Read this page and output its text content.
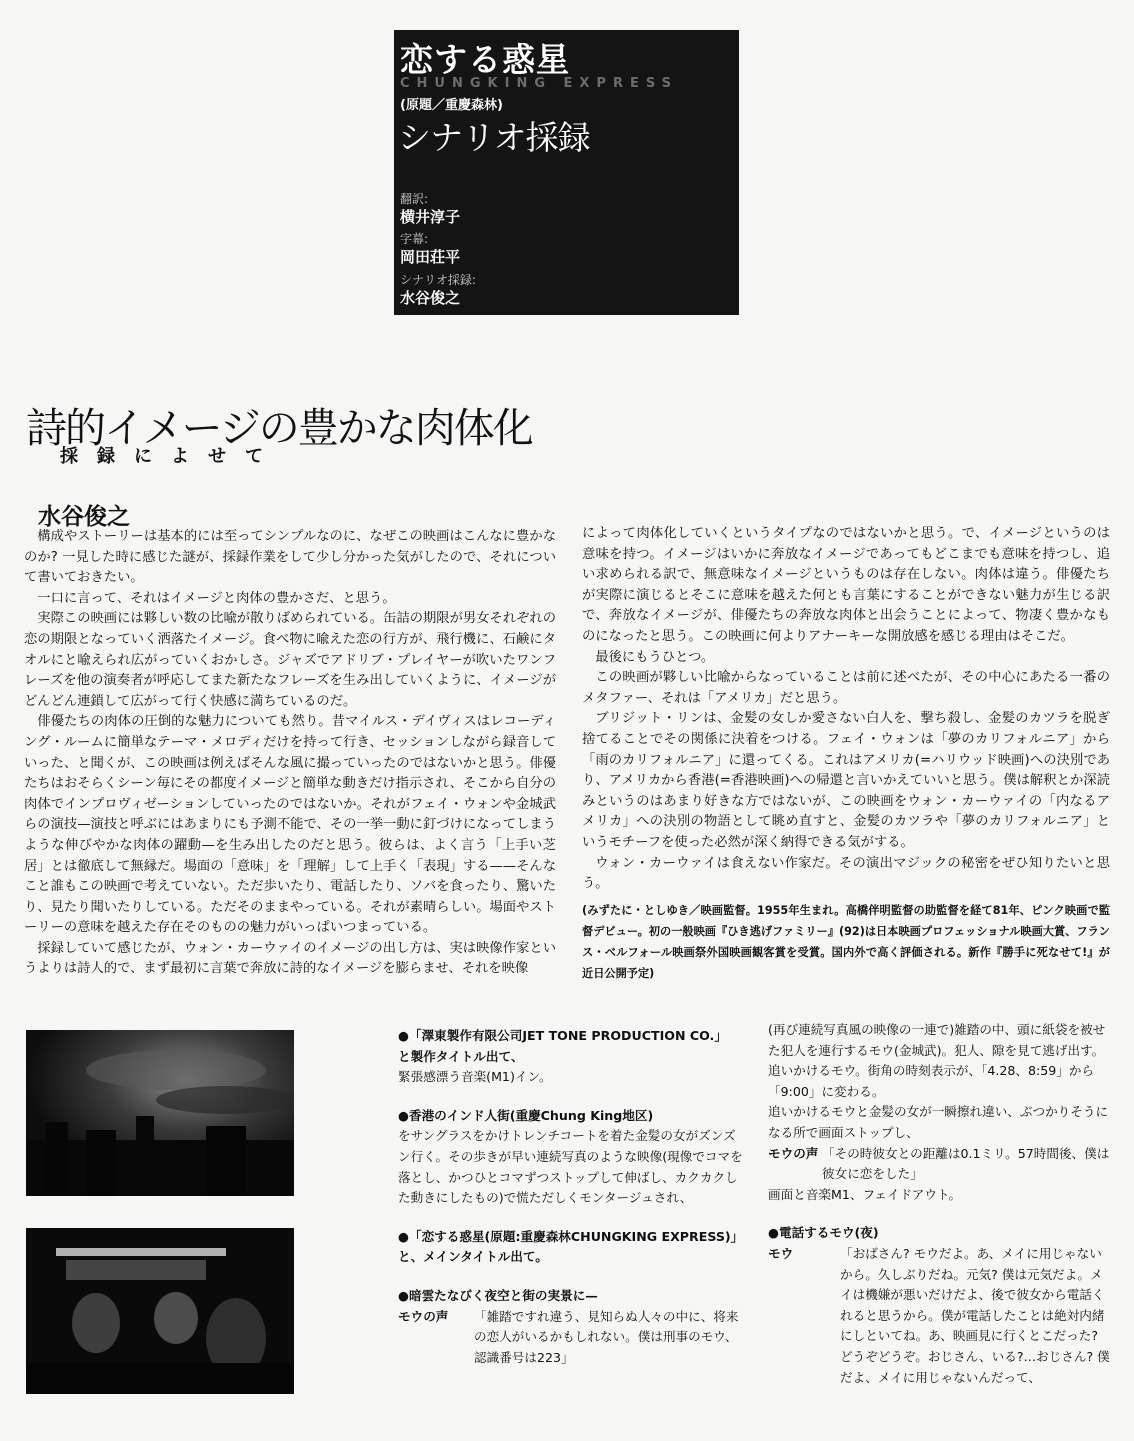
恋する惑星
CHUNGKING EXPRESS
(原題／重慶森林)
シナリオ採録
翻訳:
横井淳子
字幕:
岡田荘平
シナリオ採録:
水谷俊之
詩的イメージの豊かな肉体化
採録によせて
水谷俊之

構成やストーリーは基本的には至ってシンプルなのに、なぜこの映画はこんなに豊かなのか? 一見した時に感じた謎が、採録作業をして少し分かった気がしたので、それについて書いておきたい。

一口に言って、それはイメージと肉体の豊かさだ、と思う。

実際この映画には夥しい数の比喩が散りばめられている。缶詰の期限が男女それぞれの恋の期限となっていく洒落たイメージ。食べ物に喩えた恋の行方が、飛行機に、石鹸にタオルにと喩えられ広がっていくおかしさ。ジャズでアドリブ・プレイヤーが吹いたワンフレーズを他の演奏者が呼応してまた新たなフレーズを生み出していくように、イメージがどんどん連鎖して広がって行く快感に満ちているのだ。

俳優たちの肉体の圧倒的な魅力についても然り。昔マイルス・デイヴィスはレコーディング・ルームに簡単なテーマ・メロディだけを持って行き、セッションしながら録音していった、と聞くが、この映画は例えばそんな風に撮っていったのではないかと思う。俳優たちはおそらくシーン毎にその都度イメージと簡単な動きだけ指示され、そこから自分の肉体でインプロヴィゼーションしていったのではないか。それがフェイ・ウォンや金城武らの演技—演技と呼ぶにはあまりにも予測不能で、その一挙一動に釘づけになってしまうような伸びやかな肉体の躍動—を生み出したのだと思う。彼らは、よく言う「上手い芝居」とは徹底して無縁だ。場面の「意味」を「理解」して上手く「表現」する——そんなこと誰もこの映画で考えていない。ただ歩いたり、電話したり、ソバを食ったり、驚いたり、見たり聞いたりしている。ただそのままやっている。それが素晴らしい。場面やストーリーの意味を越えた存在そのものの魅力がいっぱいつまっている。

採録していて感じたが、ウォン・カーウァイのイメージの出し方は、実は映像作家というよりは詩人的で、まず最初に言葉で奔放に詩的なイメージを膨らませ、それを映像

によって肉体化していくというタイプなのではないかと思う。で、イメージというのは意味を持つ。イメージはいかに奔放なイメージであってもどこまでも意味を持つし、追い求められる訳で、無意味なイメージというものは存在しない。肉体は違う。俳優たちが実際に演じるとそこに意味を越えた何とも言葉にすることができない魅力が生じる訳で、奔放なイメージが、俳優たちの奔放な肉体と出会うことによって、物凄く豊かなものになったと思う。この映画に何よりアナーキーな開放感を感じる理由はそこだ。

最後にもうひとつ。

この映画が夥しい比喩からなっていることは前に述べたが、その中心にあたる一番のメタファー、それは「アメリカ」だと思う。

ブリジット・リンは、金髪の女しか愛さない白人を、撃ち殺し、金髪のカツラを脱ぎ捨てることでその関係に決着をつける。フェイ・ウォンは「夢のカリフォルニア」から「雨のカリフォルニア」に還ってくる。これはアメリカ(=ハリウッド映画)への決別であり、アメリカから香港(=香港映画)への帰還と言いかえていいと思う。僕は解釈とか深読みというのはあまり好きな方ではないが、この映画をウォン・カーウァイの「内なるアメリカ」への決別の物語として眺め直すと、金髪のカツラや「夢のカリフォルニア」というモチーフを使った必然が深く納得できる気がする。

ウォン・カーウァイは食えない作家だ。その演出マジックの秘密をぜひ知りたいと思う。

(みずたに・としゆき／映画監督。1955年生まれ。高橋伴明監督の助監督を経て81年、ピンク映画で監督デビュー。初の一般映画『ひき逃げファミリー』(92)は日本映画プロフェッショナル映画大賞、フランス・ベルフォール映画祭外国映画観客賞を受賞。国内外で高く評価される。新作『勝手に死なせて!』が近日公開予定)
●「澤東製作有限公司JET TONE PRODUCTION CO.」
と製作タイトル出て、
緊張感漂う音楽(M1)イン。
●香港のインド人街(重慶Chung King地区)
をサングラスをかけトレンチコートを着た金髪の女がズンズン行く。その歩きが早い連続写真のような映像(現像でコマを落とし、かつひとコマずつストップして伸ばし、カクカクした動きにしたもの)で慌ただしくモンタージュされ、
●「恋する惑星(原題:重慶森林CHUNGKING EXPRESS)」
と、メインタイトル出て。
●暗雲たなびく夜空と街の実景に—
モウの声	「雑踏ですれ違う、見知らぬ人々の中に、将来の恋人がいるかもしれない。僕は刑事のモウ、認識番号は223」
(再び連続写真風の映像の一連で)雑踏の中、頭に紙袋を被せた犯人を連行するモウ(金城武)。犯人、隙を見て逃げ出す。追いかけるモウ。街角の時刻表示が、「4.28、8:59」から「9:00」に変わる。
追いかけるモウと金髪の女が一瞬擦れ違い、ぶつかりそうになる所で画面ストップし、
モウの声 「その時彼女との距離は0.1ミリ。57時間後、僕は彼女に恋をした」
画面と音楽M1、フェイドアウト。
●電話するモウ(夜)
モウ	「おばさん? モウだよ。あ、メイに用じゃないから。久しぶりだね。元気? 僕は元気だよ。メイは機嫌が悪いだけだよ、後で彼女から電話くれると思うから。僕が電話したことは絶対内緒にしといてね。あ、映画見に行くとこだった? どうぞどうぞ。おじさん、いる?…おじさん? 僕だよ、メイに用じゃないんだって、
